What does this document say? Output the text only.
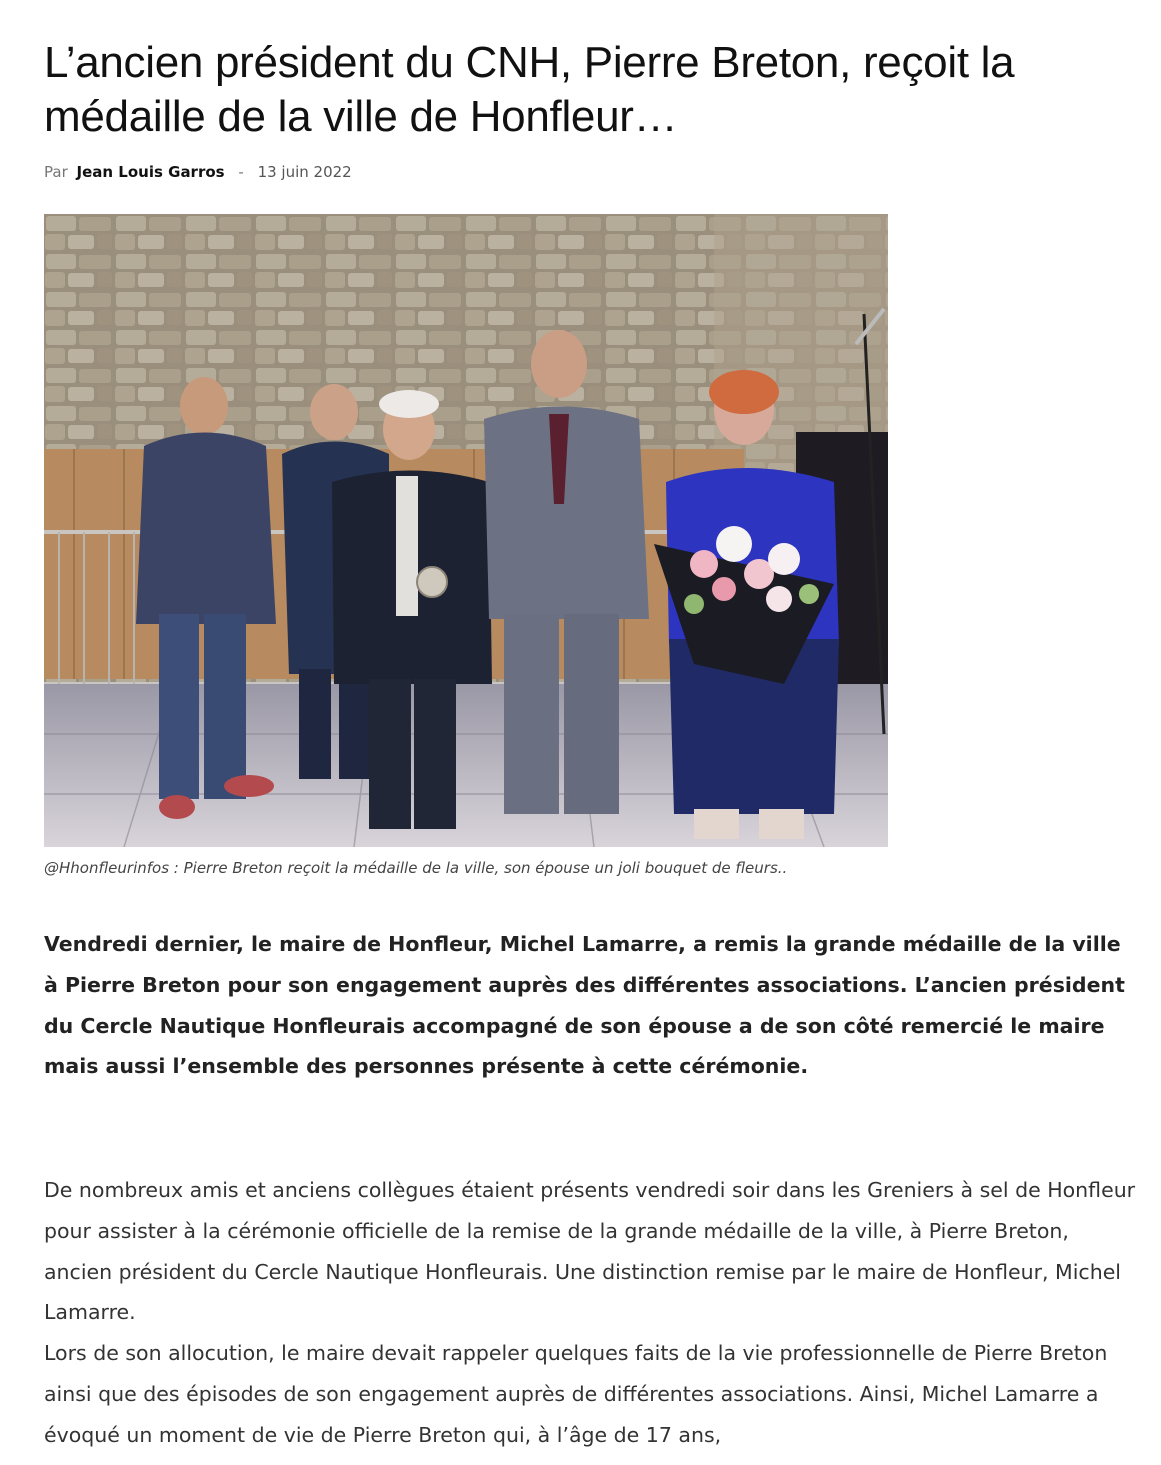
L’ancien président du CNH, Pierre Breton, reçoit la médaille de la ville de Honfleur…
Par Jean Louis Garros - 13 juin 2022
@Hhonfleurinfos : Pierre Breton reçoit la médaille de la ville, son épouse un joli bouquet de fleurs..

Vendredi dernier, le maire de Honfleur, Michel Lamarre, a remis la grande médaille de la ville à Pierre Breton pour son engagement auprès des différentes associations. L’ancien président du Cercle Nautique Honfleurais accompagné de son épouse a de son côté remercié le maire mais aussi l’ensemble des personnes présente à cette cérémonie.

De nombreux amis et anciens collègues étaient présents vendredi soir dans les Greniers à sel de Honfleur pour assister à la cérémonie officielle de la remise de la grande médaille de la ville, à Pierre Breton, ancien président du Cercle Nautique Honfleurais. Une distinction remise par le maire de Honfleur, Michel Lamarre.
Lors de son allocution, le maire devait rappeler quelques faits de la vie professionnelle de Pierre Breton ainsi que des épisodes de son engagement auprès de différentes associations. Ainsi, Michel Lamarre a évoqué un moment de vie de Pierre Breton qui, à l’âge de 17 ans,
